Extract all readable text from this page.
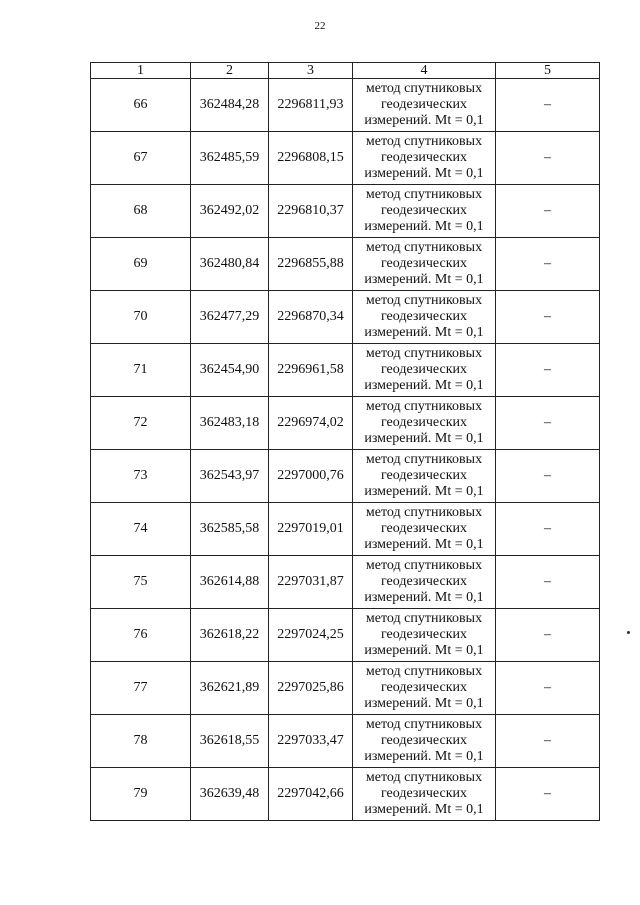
22
1	2	3	4	5
66	362484,28	2296811,93	метод спутниковых
геодезических
измерений. Mt = 0,1	–
67	362485,59	2296808,15	метод спутниковых
геодезических
измерений. Mt = 0,1	–
68	362492,02	2296810,37	метод спутниковых
геодезических
измерений. Mt = 0,1	–
69	362480,84	2296855,88	метод спутниковых
геодезических
измерений. Mt = 0,1	–
70	362477,29	2296870,34	метод спутниковых
геодезических
измерений. Mt = 0,1	–
71	362454,90	2296961,58	метод спутниковых
геодезических
измерений. Mt = 0,1	–
72	362483,18	2296974,02	метод спутниковых
геодезических
измерений. Mt = 0,1	–
73	362543,97	2297000,76	метод спутниковых
геодезических
измерений. Mt = 0,1	–
74	362585,58	2297019,01	метод спутниковых
геодезических
измерений. Mt = 0,1	–
75	362614,88	2297031,87	метод спутниковых
геодезических
измерений. Mt = 0,1	–
76	362618,22	2297024,25	метод спутниковых
геодезических
измерений. Mt = 0,1	–
77	362621,89	2297025,86	метод спутниковых
геодезических
измерений. Mt = 0,1	–
78	362618,55	2297033,47	метод спутниковых
геодезических
измерений. Mt = 0,1	–
79	362639,48	2297042,66	метод спутниковых
геодезических
измерений. Mt = 0,1	–
